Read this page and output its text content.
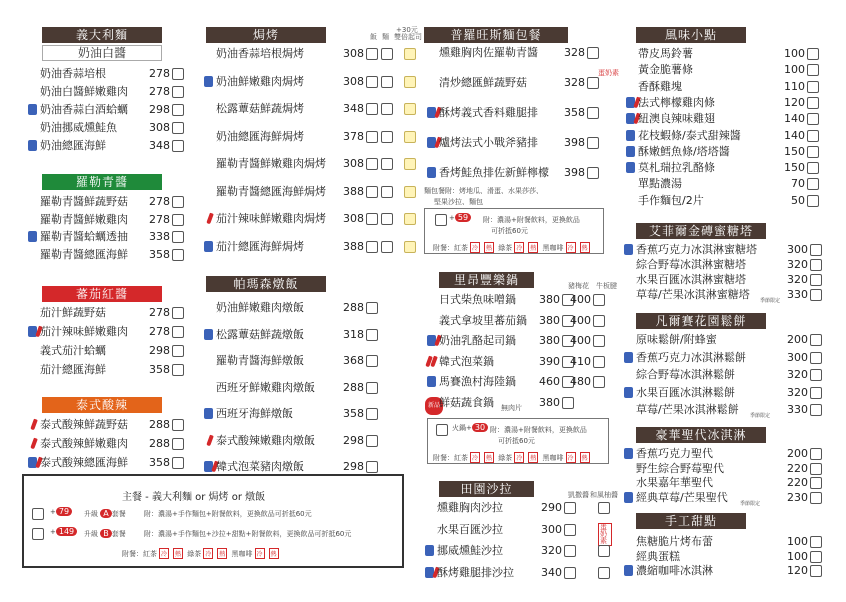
義大利麵
奶油白醬
奶油香蒜培根	278
奶油白醬鮮嫩雞肉 278
奶油香蒜白酒蛤蠣 298
奶油挪威燻鮭魚	308
奶油總匯海鮮	348
羅勒青醬
羅勒青醬鮮蔬野菇 278
羅勒青醬鮮嫩雞肉 278
羅勒青醬蛤蠣透抽 338
羅勒青醬總匯海鮮 358
蕃茄紅醬
茄汁鮮蔬野菇	278
茄汁辣味鮮嫩雞肉 278
義式茄汁蛤蠣	298
茄汁總匯海鮮	358
泰式酸辣
泰式酸辣鮮蔬野菇 288
泰式酸辣鮮嫩雞肉 288
泰式酸辣總匯海鮮 358
焗烤	+30元
飯 麵 雙倍起司
奶油香蒜培根焗烤	308
奶油鮮嫩雞肉焗烤	308
松露蕈菇鮮蔬焗烤	348
奶油總匯海鮮焗烤	378
羅勒青醬鮮嫩雞肉焗烤 308
羅勒青醬總匯海鮮焗烤 388
茄汁辣味鮮嫩雞肉焗烤 308
茄汁總匯海鮮焗烤	388
帕瑪森燉飯
奶油鮮嫩雞肉燉飯	288
松露蕈菇鮮蔬燉飯	318
羅勒青醬海鮮燉飯	368
西班牙鮮嫩雞肉燉飯	288
西班牙海鮮燉飯	358
泰式酸辣嫩雞肉燉飯	298
韓式泡菜豬肉燉飯	298
普羅旺斯麵包餐
蛋奶素
燻雞胸肉佐羅勒青醬 328
清炒總匯鮮蔬野菇	328
酥烤義式香料雞腿排 358
爐烤法式小戰斧豬排 398
香烤鮭魚排佐新鮮檸檬 398
麵包餐附：烤地瓜、滑蛋、水果莎莎、
堅果沙拉、麵包
+ 59	附：濃湯+附餐飲料，更換飲品
可折抵60元
附餐：紅茶 冷 熱 綠茶 冷 熱 黑咖啡 冷 熱
里昂豐樂鍋	豬梅花 牛板腱
日式柴魚味噌鍋 380 400
義式拿坡里蕃茄鍋 380 400
奶油乳酪起司鍋 380 400
韓式泡菜鍋	390 410
馬賽漁村海陸鍋 460 480
新品
鮮菇蔬食鍋 無肉片 380
火鍋+ 30 附：濃湯+附餐飲料，更換飲品
可折抵60元
附餐：紅茶 冷 熱 綠茶 冷 熱 黑咖啡 冷 熱
田園沙拉	凱撒醬 和風柚醬
燻雞胸肉沙拉	290
水果百匯沙拉	300	蛋奶素
挪威燻鮭沙拉	320
酥烤雞腿排沙拉 340
風味小點
帶皮馬鈴薯	100
黃金脆薯條	100
香酥雞塊	110
法式檸檬雞肉條	120
紐澳良辣味雞翅	140
花枝蝦條/泰式甜辣醬	140
酥嫩鱈魚條/塔塔醬	150
莫札瑞拉乳酪條	150
單點濃湯	70
手作麵包/2片	50
艾菲爾金磚蜜糖塔
香蕉巧克力冰淇淋蜜糖塔	300
綜合野莓冰淇淋蜜糖塔	320
水果百匯冰淇淋蜜糖塔	320
草莓/芒果冰淇淋蜜糖塔 季節限定 330
凡爾賽花園鬆餅
原味鬆餅/附蜂蜜	200
香蕉巧克力冰淇淋鬆餅	300
綜合野莓冰淇淋鬆餅	320
水果百匯冰淇淋鬆餅	320
草莓/芒果冰淇淋鬆餅 季節限定 330
豪華聖代冰淇淋
香蕉巧克力聖代	200
野生綜合野莓聖代	220
水果嘉年華聖代	220
經典草莓/芒果聖代 季節限定 230
手工甜點
焦糖脆片烤布蕾	100
經典蛋糕	100
濃縮咖啡冰淇淋	120
主餐 - 義大利麵 or 焗烤 or 燉飯
+ 79	升級 A 套餐	附：濃湯+手作麵包+附餐飲料，更換飲品可折抵60元
+ 149	升級 B 套餐	附：濃湯+手作麵包+沙拉+甜點+附餐飲料，更換飲品可折抵60元
附餐：紅茶 冷 熱 綠茶 冷 熱 黑咖啡 冷 熱
